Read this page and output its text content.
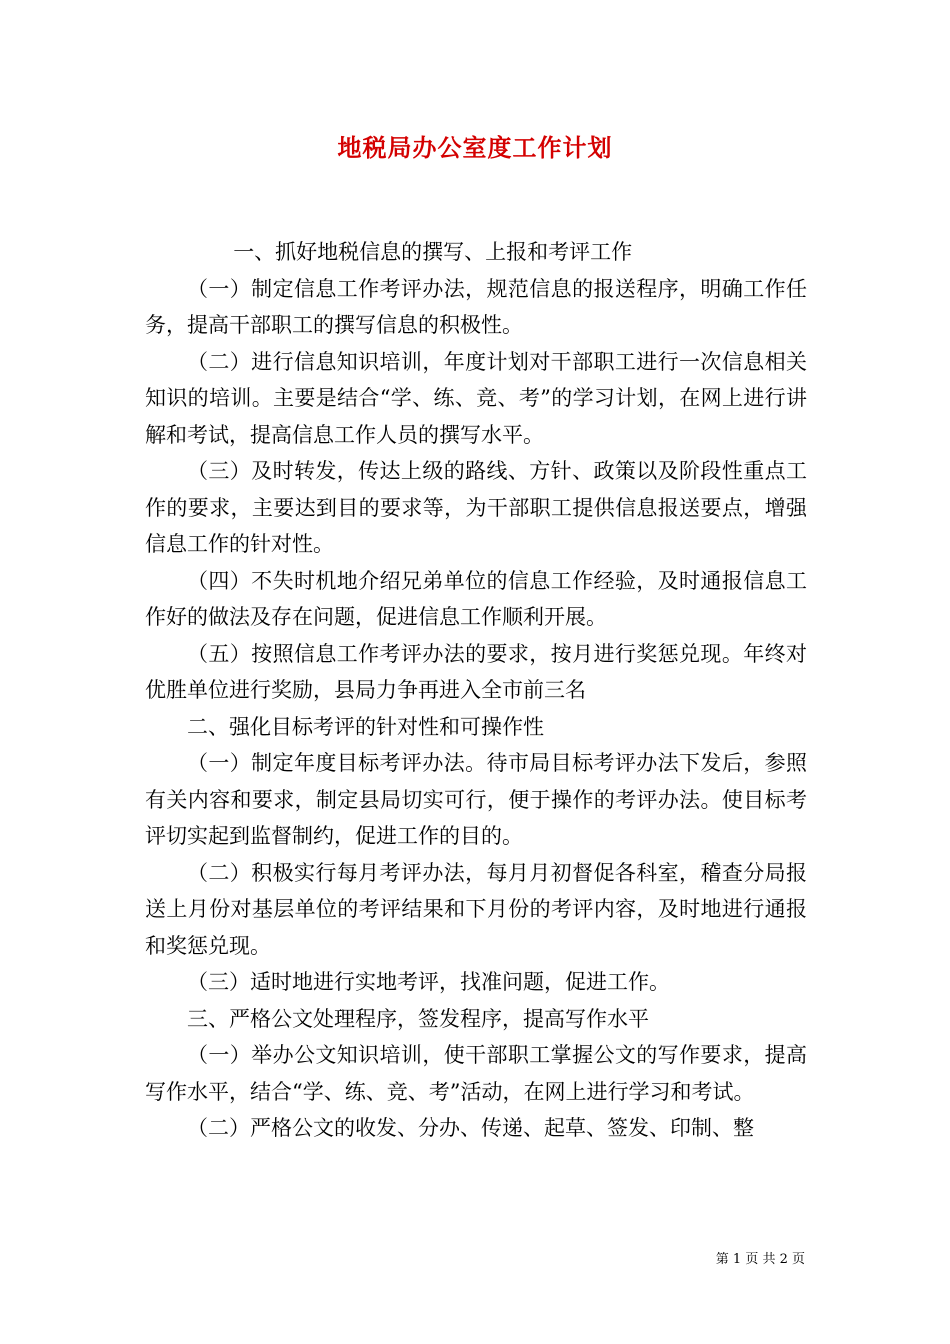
地税局办公室度工作计划

一、抓好地税信息的撰写、上报和考评工作

（一）制定信息工作考评办法，规范信息的报送程序，明确工作任务，提高干部职工的撰写信息的积极性。

（二）进行信息知识培训，年度计划对干部职工进行一次信息相关知识的培训。主要是结合“学、练、竞、考”的学习计划，在网上进行讲解和考试，提高信息工作人员的撰写水平。

（三）及时转发，传达上级的路线、方针、政策以及阶段性重点工作的要求，主要达到目的要求等，为干部职工提供信息报送要点，增强信息工作的针对性。

（四）不失时机地介绍兄弟单位的信息工作经验，及时通报信息工作好的做法及存在问题，促进信息工作顺利开展。

（五）按照信息工作考评办法的要求，按月进行奖惩兑现。年终对优胜单位进行奖励，县局力争再进入全市前三名

二、强化目标考评的针对性和可操作性

（一）制定年度目标考评办法。待市局目标考评办法下发后，参照有关内容和要求，制定县局切实可行，便于操作的考评办法。使目标考评切实起到监督制约，促进工作的目的。

（二）积极实行每月考评办法，每月月初督促各科室，稽查分局报送上月份对基层单位的考评结果和下月份的考评内容，及时地进行通报和奖惩兑现。

（三）适时地进行实地考评，找准问题，促进工作。

三、严格公文处理程序，签发程序，提高写作水平

（一）举办公文知识培训，使干部职工掌握公文的写作要求，提高写作水平，结合“学、练、竞、考”活动，在网上进行学习和考试。

（二）严格公文的收发、分办、传递、起草、签发、印制、整

第 1 页 共 2 页
